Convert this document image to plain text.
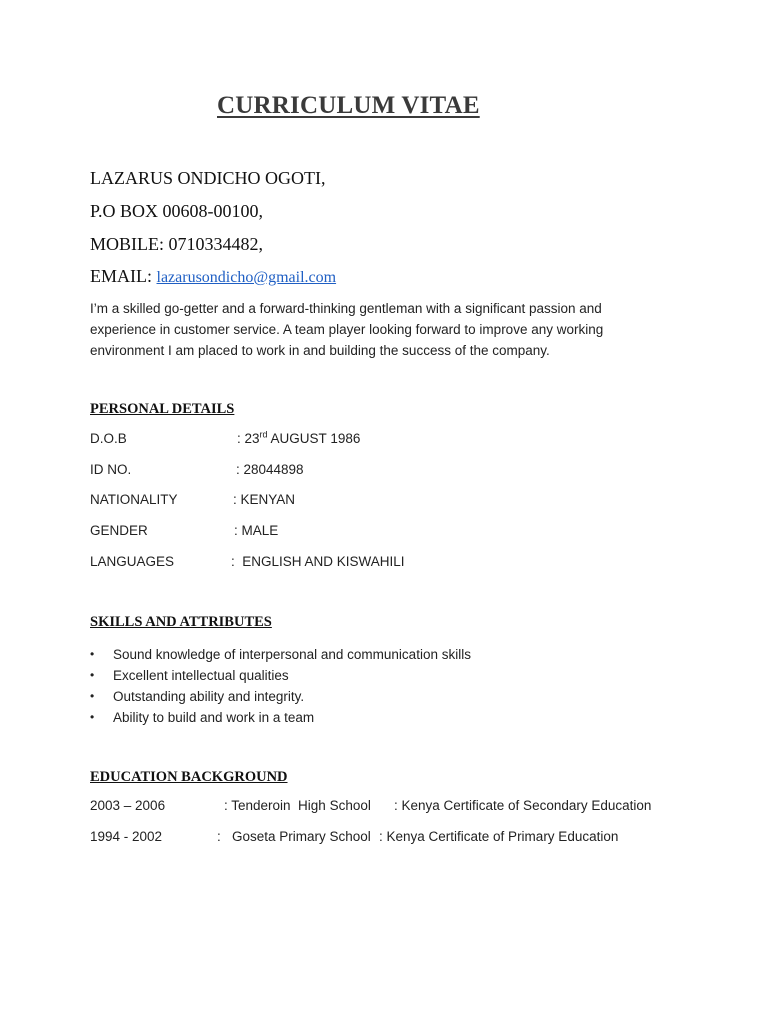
CURRICULUM VITAE
LAZARUS ONDICHO OGOTI,
P.O BOX 00608-00100,
MOBILE: 0710334482,
EMAIL: lazarusondicho@gmail.com
I’m a skilled go-getter and a forward-thinking gentleman with a significant passion and experience in customer service. A team player looking forward to improve any working environment I am placed to work in and building the success of the company.
PERSONAL DETAILS
D.O.B	: 23rd AUGUST 1986
ID NO.	: 28044898
NATIONALITY	: KENYAN
GENDER	: MALE
LANGUAGES	:  ENGLISH AND KISWAHILI
SKILLS AND ATTRIBUTES
• Sound knowledge of interpersonal and communication skills
• Excellent intellectual qualities
• Outstanding ability and integrity.
• Ability to build and work in a team
EDUCATION BACKGROUND
2003 – 2006	: Tenderoin  High School : Kenya Certificate of Secondary Education
1994 - 2002	:   Goseta Primary School : Kenya Certificate of Primary Education
